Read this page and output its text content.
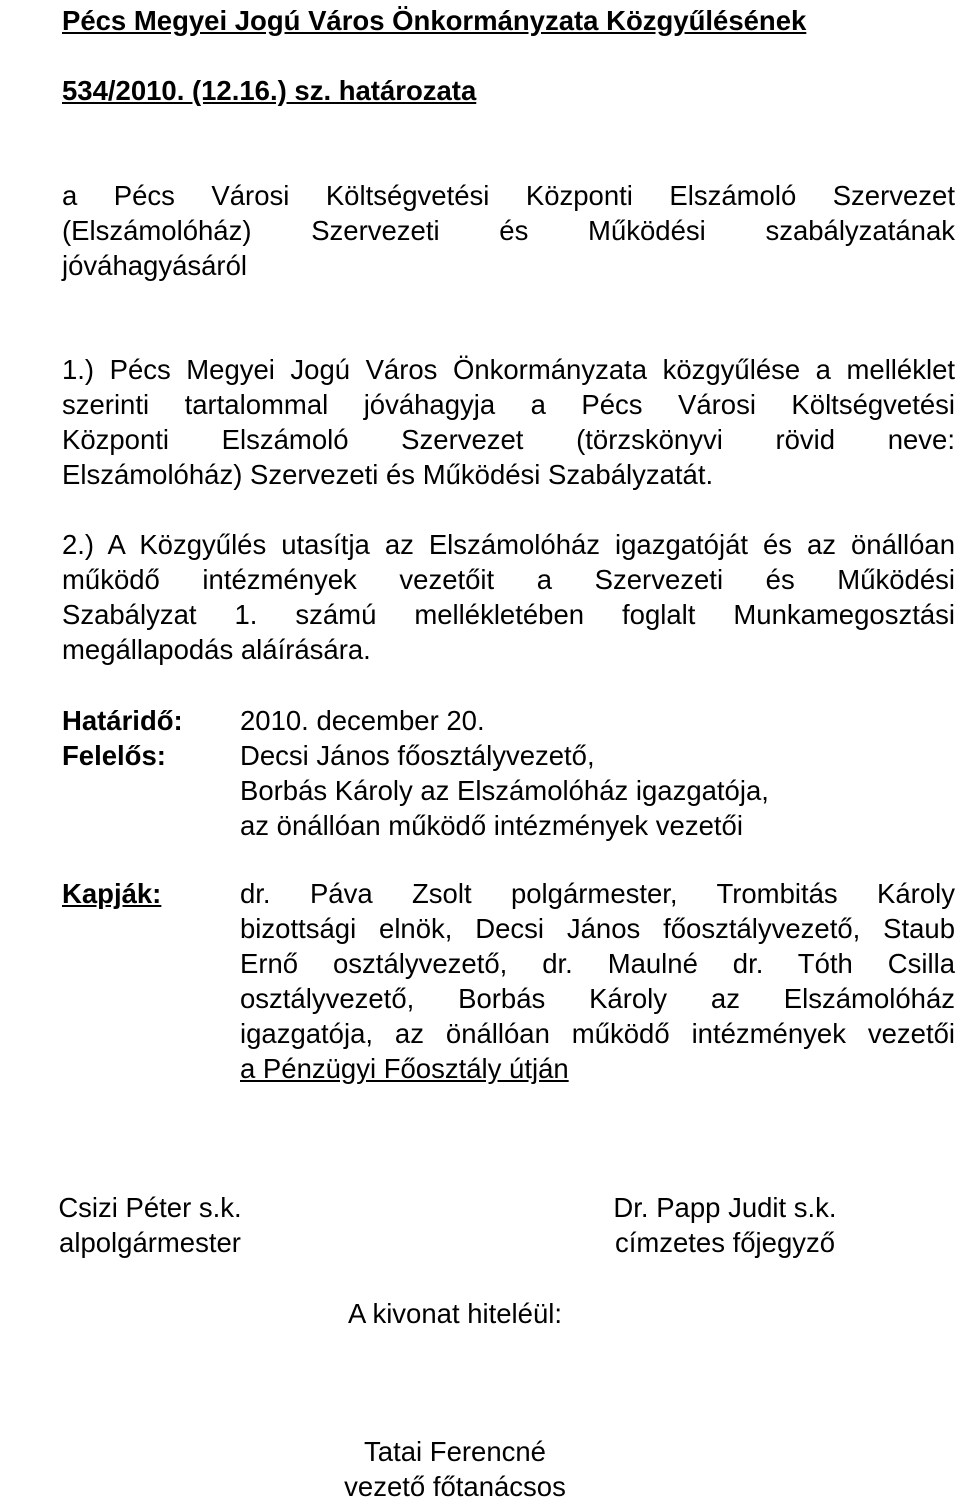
Pécs Megyei Jogú Város Önkormányzata Közgyűlésének
534/2010. (12.16.) sz. határozata
a Pécs Városi Költségvetési Központi Elszámoló Szervezet
(Elszámolóház) Szervezeti és Működési szabályzatának
jóváhagyásáról
1.) Pécs Megyei Jogú Város Önkormányzata közgyűlése a melléklet
szerinti tartalommal jóváhagyja a Pécs Városi Költségvetési
Központi Elszámoló Szervezet (törzskönyvi rövid neve:
Elszámolóház) Szervezeti és Működési Szabályzatát.
2.) A Közgyűlés utasítja az Elszámolóház igazgatóját és az önállóan
működő intézmények vezetőit a Szervezeti és Működési
Szabályzat 1. számú mellékletében foglalt Munkamegosztási
megállapodás aláírására.
Határidő: 2010. december 20.
Felelős:	Decsi János főosztályvezető,
Borbás Károly az Elszámolóház igazgatója,
az önállóan működő intézmények vezetői
Kapják:	dr. Páva Zsolt polgármester, Trombitás Károly
bizottsági elnök, Decsi János főosztályvezető, Staub
Ernő osztályvezető, dr. Maulné dr. Tóth Csilla
osztályvezető, Borbás Károly az Elszámolóház
igazgatója, az önállóan működő intézmények vezetői
a Pénzügyi Főosztály útján
Csizi Péter s.k.
alpolgármester
Dr. Papp Judit s.k.
címzetes főjegyző
A kivonat hiteléül:
Tatai Ferencné
vezető főtanácsos
